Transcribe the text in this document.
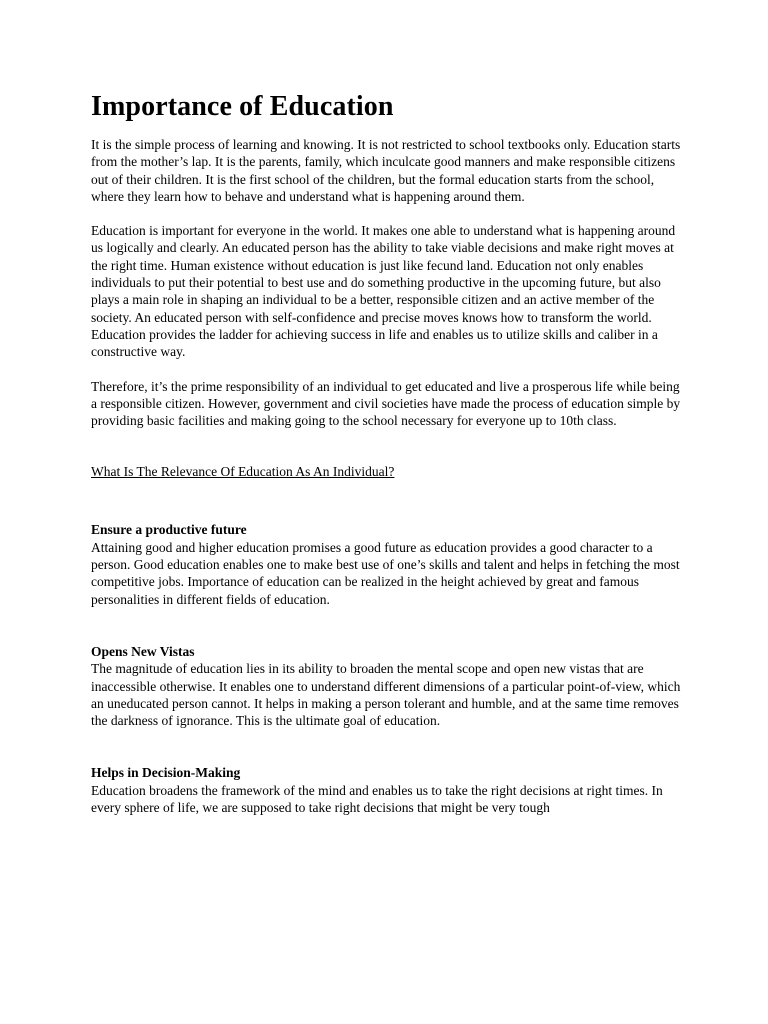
Importance of Education

It is the simple process of learning and knowing. It is not restricted to school textbooks only. Education starts from the mother’s lap. It is the parents, family, which inculcate good manners and make responsible citizens out of their children. It is the first school of the children, but the formal education starts from the school, where they learn how to behave and understand what is happening around them.

Education is important for everyone in the world. It makes one able to understand what is happening around us logically and clearly. An educated person has the ability to take viable decisions and make right moves at the right time. Human existence without education is just like fecund land. Education not only enables individuals to put their potential to best use and do something productive in the upcoming future, but also plays a main role in shaping an individual to be a better, responsible citizen and an active member of the society. An educated person with self-confidence and precise moves knows how to transform the world. Education provides the ladder for achieving success in life and enables us to utilize skills and caliber in a constructive way.

Therefore, it’s the prime responsibility of an individual to get educated and live a prosperous life while being a responsible citizen. However, government and civil societies have made the process of education simple by providing basic facilities and making going to the school necessary for everyone up to 10th class.

What Is The Relevance Of Education As An Individual?
Ensure a productive future

Attaining good and higher education promises a good future as education provides a good character to a person. Good education enables one to make best use of one’s skills and talent and helps in fetching the most competitive jobs. Importance of education can be realized in the height achieved by great and famous personalities in different fields of education.

Opens New Vistas

The magnitude of education lies in its ability to broaden the mental scope and open new vistas that are inaccessible otherwise. It enables one to understand different dimensions of a particular point-of-view, which an uneducated person cannot. It helps in making a person tolerant and humble, and at the same time removes the darkness of ignorance. This is the ultimate goal of education.

Helps in Decision-Making

Education broadens the framework of the mind and enables us to take the right decisions at right times. In every sphere of life, we are supposed to take right decisions that might be very tough
